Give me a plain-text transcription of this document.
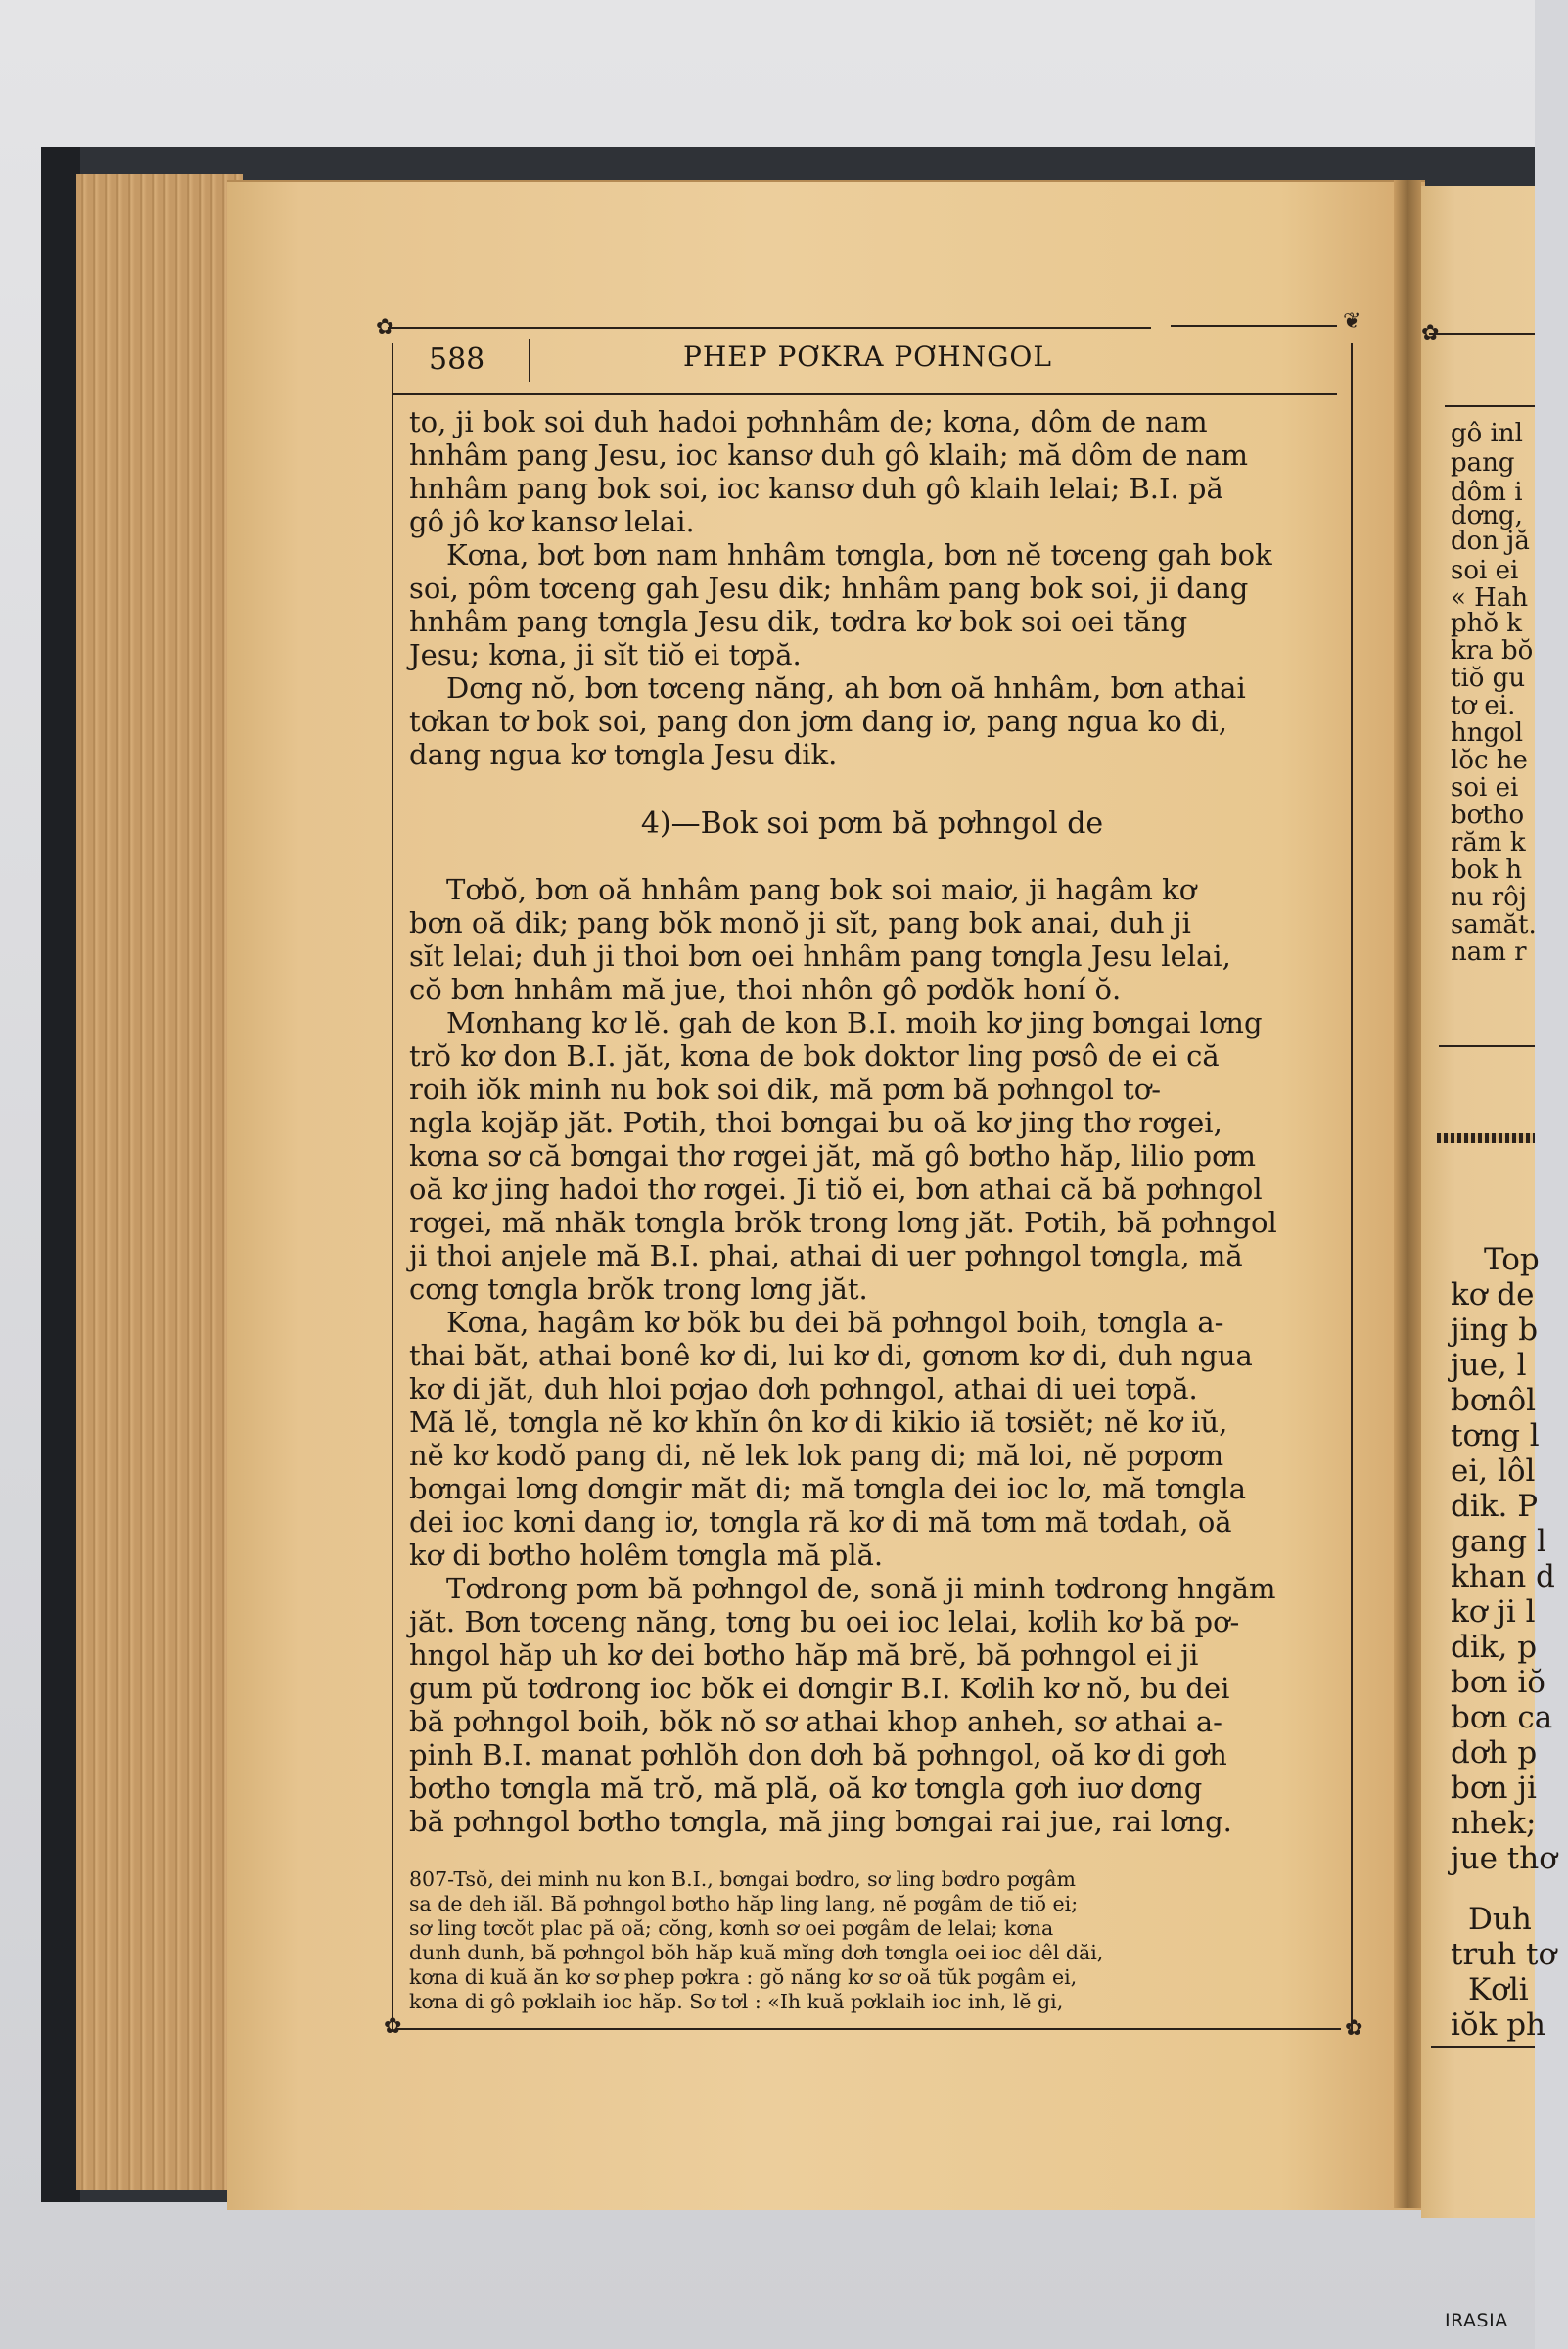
✿	❦
588	PHEP PƠKRA PƠHNGOL
✿	✿
to, ji bok soi duh hadoi pơhnhâm de; kơna, dôm de nam
hnhâm pang Jesu, ioc kansơ duh gô klaih; mă dôm de nam
hnhâm pang bok soi, ioc kansơ duh gô klaih lelai; B.I. pă
gô jô kơ kansơ lelai.
Kơna, bơt bơn nam hnhâm tơngla, bơn nĕ tơceng gah bok
soi, pôm tơceng gah Jesu dik; hnhâm pang bok soi, ji dang
hnhâm pang tơngla Jesu dik, tơdra kơ bok soi oei tăng
Jesu; kơna, ji sĭt tiŏ ei tơpă.
Dơng nŏ, bơn tơceng năng, ah bơn oă hnhâm, bơn athai
tơkan tơ bok soi, pang don jơm dang iơ, pang ngua ko di,
dang ngua kơ tơngla Jesu dik.
4)—Bok soi pơm bă pơhngol de
Tơbŏ, bơn oă hnhâm pang bok soi maiơ, ji hagâm kơ
bơn oă dik; pang bŏk monŏ ji sĭt, pang bok anai, duh ji
sĭt lelai; duh ji thoi bơn oei hnhâm pang tơngla Jesu lelai,
cŏ bơn hnhâm mă jue, thoi nhôn gô pơdŏk honí ŏ.
Mơnhang kơ lĕ. gah de kon B.I. moih kơ jing bơngai lơng
trŏ kơ don B.I. jăt, kơna de bok doktor ling pơsô de ei că
roih iŏk minh nu bok soi dik, mă pơm bă pơhngol tơ-
ngla kojăp jăt. Pơtih, thoi bơngai bu oă kơ jing thơ rơgei,
kơna sơ că bơngai thơ rơgei jăt, mă gô bơtho hăp, lilio pơm
oă kơ jing hadoi thơ rơgei. Ji tiŏ ei, bơn athai că bă pơhngol
rơgei, mă nhăk tơngla brŏk trong lơng jăt. Pơtih, bă pơhngol
ji thoi anjele mă B.I. phai, athai di uer pơhngol tơngla, mă
cơng tơngla brŏk trong lơng jăt.
Kơna, hagâm kơ bŏk bu dei bă pơhngol boih, tơngla a-
thai băt, athai bonê kơ di, lui kơ di, gơnơm kơ di, duh ngua
kơ di jăt, duh hloi pơjao dơh pơhngol, athai di uei tơpă.
Mă lĕ, tơngla nĕ kơ khĭn ôn kơ di kikio iă tơsiĕt; nĕ kơ iŭ,
nĕ kơ kodŏ pang di, nĕ lek lok pang di; mă loi, nĕ pơpơm
bơngai lơng dơngir măt di; mă tơngla dei ioc lơ, mă tơngla
dei ioc kơni dang iơ, tơngla ră kơ di mă tơm mă tơdah, oă
kơ di bơtho holêm tơngla mă plă.
Tơdrong pơm bă pơhngol de, sonă ji minh tơdrong hngăm
jăt. Bơn tơceng năng, tơng bu oei ioc lelai, kơlih kơ bă pơ-
hngol hăp uh kơ dei bơtho hăp mă brĕ, bă pơhngol ei ji
gum pŭ tơdrong ioc bŏk ei dơngir B.I. Kơlih kơ nŏ, bu dei
bă pơhngol boih, bŏk nŏ sơ athai khop anheh, sơ athai a-
pinh B.I. manat pơhlŏh don dơh bă pơhngol, oă kơ di gơh
bơtho tơngla mă trŏ, mă plă, oă kơ tơngla gơh iuơ dơng
bă pơhngol bơtho tơngla, mă jing bơngai rai jue, rai lơng.
807-Tsŏ, dei minh nu kon B.I., bơngai bơdro, sơ ling bơdro pơgâm
sa de deh iăl. Bă pơhngol bơtho hăp ling lang, nĕ pơgâm de tiŏ ei;
sơ ling tơcŏt plac pă oă; cŏng, kơnh sơ oei pơgâm de lelai; kơna
dunh dunh, bă pơhngol bŏh hăp kuă mĭng dơh tơngla oei ioc dêl dăi,
kơna di kuă ăn kơ sơ phep pơkra : gŏ năng kơ sơ oă tŭk pơgâm ei,
kơna di gô pơklaih ioc hăp. Sơ tơl : «Ih kuă pơklaih ioc inh, lĕ gi,
✿
gô inl
pang
dôm i
dơng,
don jă
soi ei
« Hah
phŏ k
kra bŏ
tiŏ gu
tơ ei.
hngol
lŏc he
soi ei
bơtho
răm k
bok h
nu rôj
samăt.
nam r
Top
kơ de
jing b
jue, l
bơnôl
tơng l
ei, lôl
dik. P
gang l
khan d
kơ ji l
dik, p
bơn iŏ
bơn ca
dơh p
bơn ji
nhek;
jue thơ
Duh
truh tơ
Kơli
iŏk ph
IRASIA
